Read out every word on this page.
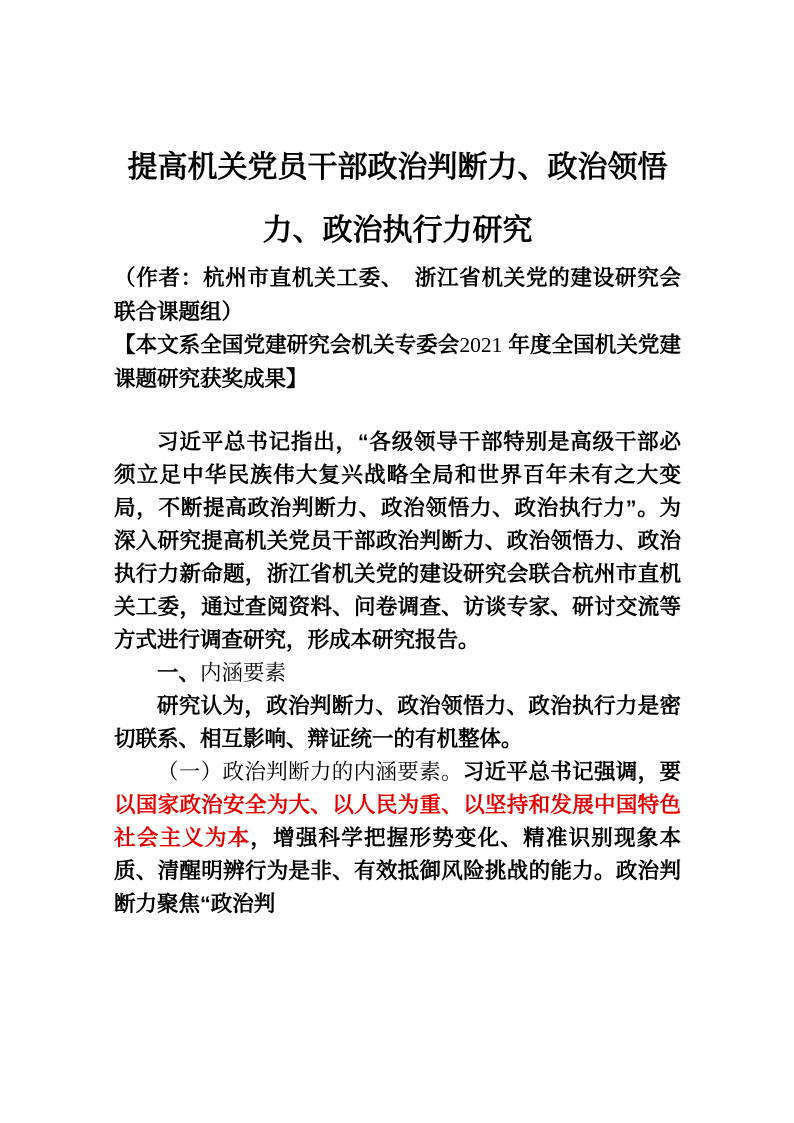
提高机关党员干部政治判断力、政治领悟力、政治执行力研究

（作者：杭州市直机关工委、　浙江省机关党的建设研究会联合课题组）

【本文系全国党建研究会机关专委会2021 年度全国机关党建课题研究获奖成果】

习近平总书记指出，“各级领导干部特别是高级干部必须立足中华民族伟大复兴战略全局和世界百年未有之大变局，不断提高政治判断力、政治领悟力、政治执行力”。为深入研究提高机关党员干部政治判断力、政治领悟力、政治执行力新命题，浙江省机关党的建设研究会联合杭州市直机关工委，通过查阅资料、问卷调查、访谈专家、研讨交流等方式进行调查研究，形成本研究报告。

一、内涵要素

研究认为，政治判断力、政治领悟力、政治执行力是密切联系、相互影响、辩证统一的有机整体。

（一）政治判断力的内涵要素。习近平总书记强调，要以国家政治安全为大、以人民为重、以坚持和发展中国特色社会主义为本，增强科学把握形势变化、精准识别现象本质、清醒明辨行为是非、有效抵御风险挑战的能力。政治判断力聚焦“政治判
